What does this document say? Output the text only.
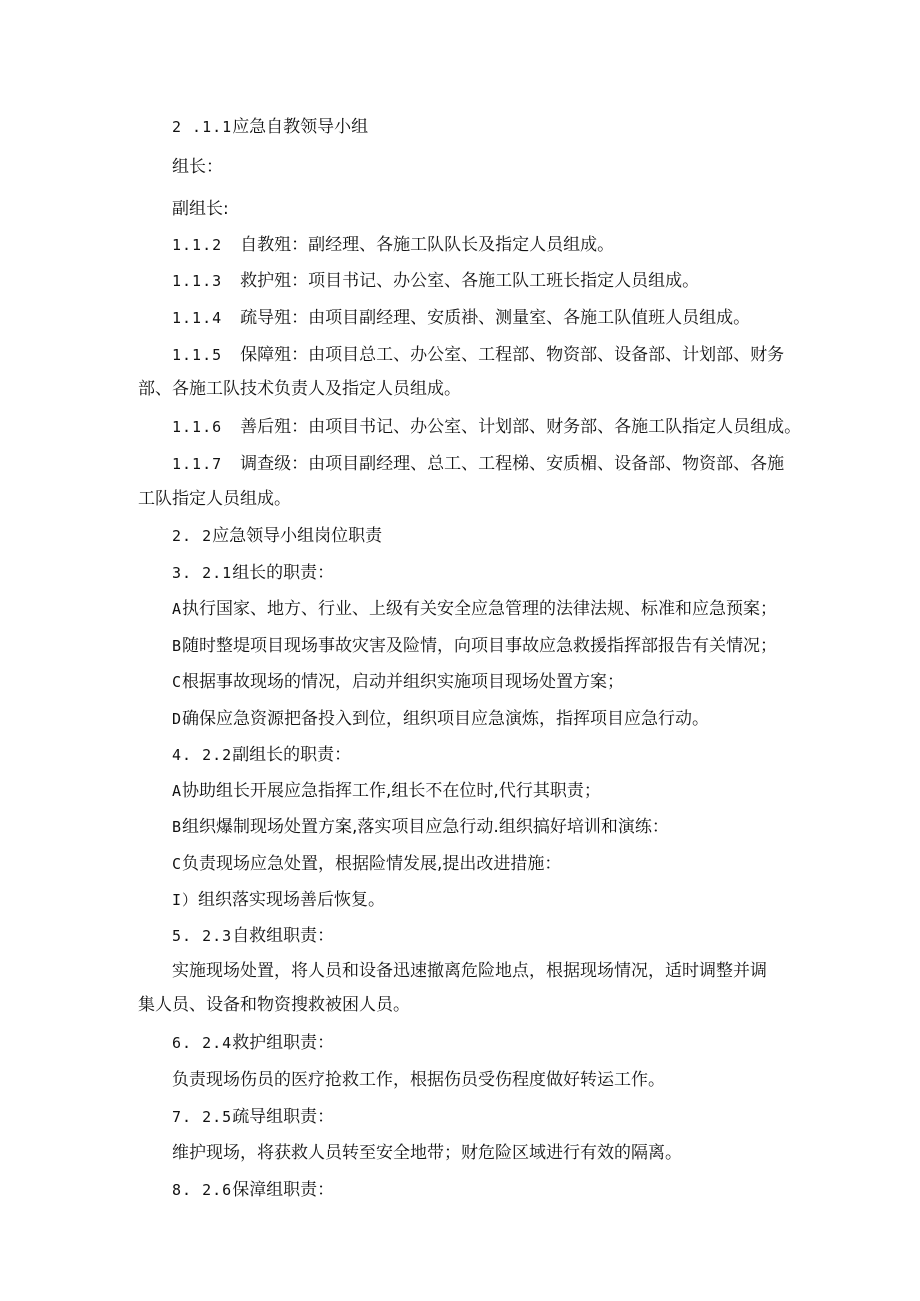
2 .1.1应急自教领导小组
组长：
副组长:
1.1.2 自教殂：副经理、各施工队队长及指定人员组成。
1.1.3 救护殂：项目书记、办公室、各施工队工班长指定人员组成。
1.1.4 疏导殂：由项目副经理、安质褂、测量室、各施工队值班人员组成。
1.1.5 保障殂：由项目总工、办公室、工程部、物资部、设备部、计划部、财务
部、各施工队技术负责人及指定人员组成。
1.1.6 善后殂：由项目书记、办公室、计划部、财务部、各施工队指定人员组成。
1.1.7 调查级：由项目副经理、总工、工程梯、安质楣、设备部、物资部、各施
工队指定人员组成。
2. 2应急领导小组岗位职责
3. 2.1组长的职责：
A执行国家、地方、行业、上级有关安全应急管理的法律法规、标准和应急预案；
B随时整堤项目现场事故灾害及险情，向项目事故应急救援指挥部报告有关情况；
C根据事故现场的情况，启动并组织实施项目现场处置方案；
D确保应急资源把备投入到位，组织项目应急演炼，指挥项目应急行动。
4. 2.2副组长的职责：
A协助组长开展应急指挥工作,组长不在位时,代行其职责；
B组织爆制现场处置方案,落实项目应急行动.组织搞好培训和演练：
C负责现场应急处置，根据险情发展,提出改进措施：
I）组织落实现场善后恢复。
5. 2.3自救组职责：
实施现场处置，将人员和设备迅速撤离危险地点，根据现场情况，适时调整并调
集人员、设备和物资搜救被困人员。
6. 2.4救护组职责：
负责现场伤员的医疗抢救工作，根据伤员受伤程度做好转运工作。
7. 2.5疏导组职责：
维护现场，将获救人员转至安全地带；财危险区域进行有效的隔离。
8. 2.6保漳组职责：
